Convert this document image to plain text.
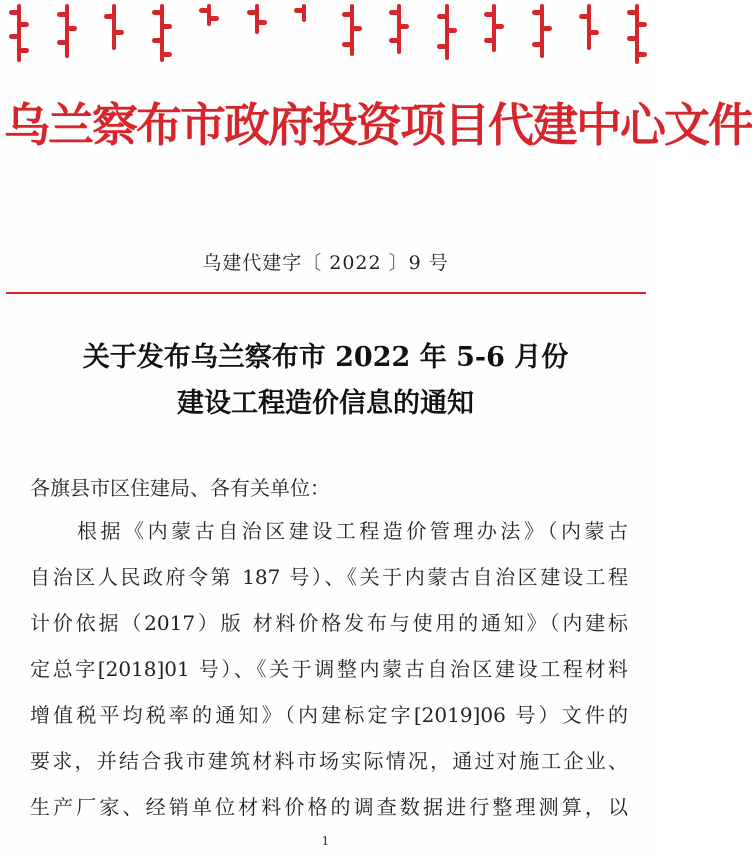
乌兰察布市政府投资项目代建中心文件
乌建代建字〔 2022 〕9 号
关于发布乌兰察布市 2022 年 5-6 月份
建设工程造价信息的通知
各旗县市区住建局、各有关单位：
　　根据《内蒙古自治区建设工程造价管理办法》（内蒙古
自治区人民政府令第 187 号）、《关于内蒙古自治区建设工程
计价依据（2017）版 材料价格发布与使用的通知》（内建标
定总字[2018]01 号）、《关于调整内蒙古自治区建设工程材料
增值税平均税率的通知》（内建标定字[2019]06 号）文件的
要求，并结合我市建筑材料市场实际情况，通过对施工企业、
生产厂家、经销单位材料价格的调查数据进行整理测算，以
1
